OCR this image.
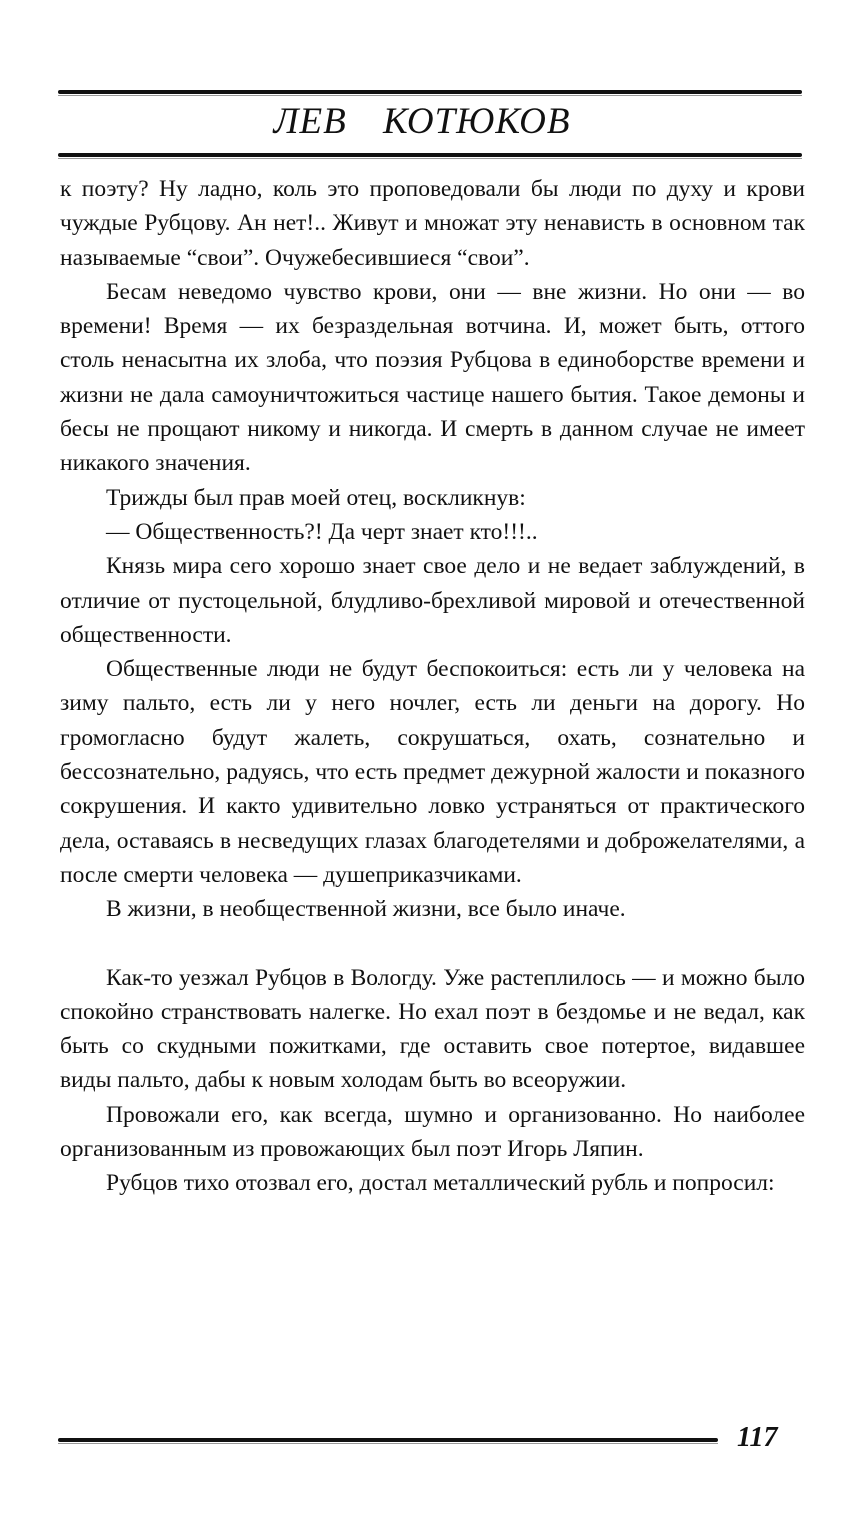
ЛЕВ КОТЮКОВ

к поэту? Ну ладно, коль это проповедовали бы люди по духу и крови чуждые Рубцову. Ан нет!.. Живут и множат эту ненависть в основном так называемые “свои”. Очужебесившиеся “свои”.

Бесам неведомо чувство крови, они — вне жизни. Но они — во времени! Время — их безраздельная вотчина. И, может быть, оттого столь ненасытна их злоба, что поэзия Рубцова в единоборстве времени и жизни не дала самоуничтожиться частице нашего бытия. Такое демоны и бесы не прощают никому и никогда. И смерть в данном случае не имеет никакого значения.

Трижды был прав моей отец, воскликнув:

— Общественность?! Да черт знает кто!!!..

Князь мира сего хорошо знает свое дело и не ведает заблуждений, в отличие от пустоцельной, блудливо-брехливой мировой и отечественной общественности.

Общественные люди не будут беспокоиться: есть ли у человека на зиму пальто, есть ли у него ночлег, есть ли деньги на дорогу. Но громогласно будут жалеть, сокрушаться, охать, сознательно и бессознательно, радуясь, что есть предмет дежурной жалости и показного сокрушения. И както удивительно ловко устраняться от практического дела, оставаясь в несведущих глазах благодетелями и доброжелателями, а после смерти человека — душеприказчиками.

В жизни, в необщественной жизни, все было иначе.

Как-то уезжал Рубцов в Вологду. Уже растеплилось — и можно было спокойно странствовать налегке. Но ехал поэт в бездомье и не ведал, как быть со скудными пожитками, где оставить свое потертое, видавшее виды пальто, дабы к новым холодам быть во всеоружии.

Провожали его, как всегда, шумно и организованно. Но наиболее организованным из провожающих был поэт Игорь Ляпин.

Рубцов тихо отозвал его, достал металлический рубль и попросил:

117
